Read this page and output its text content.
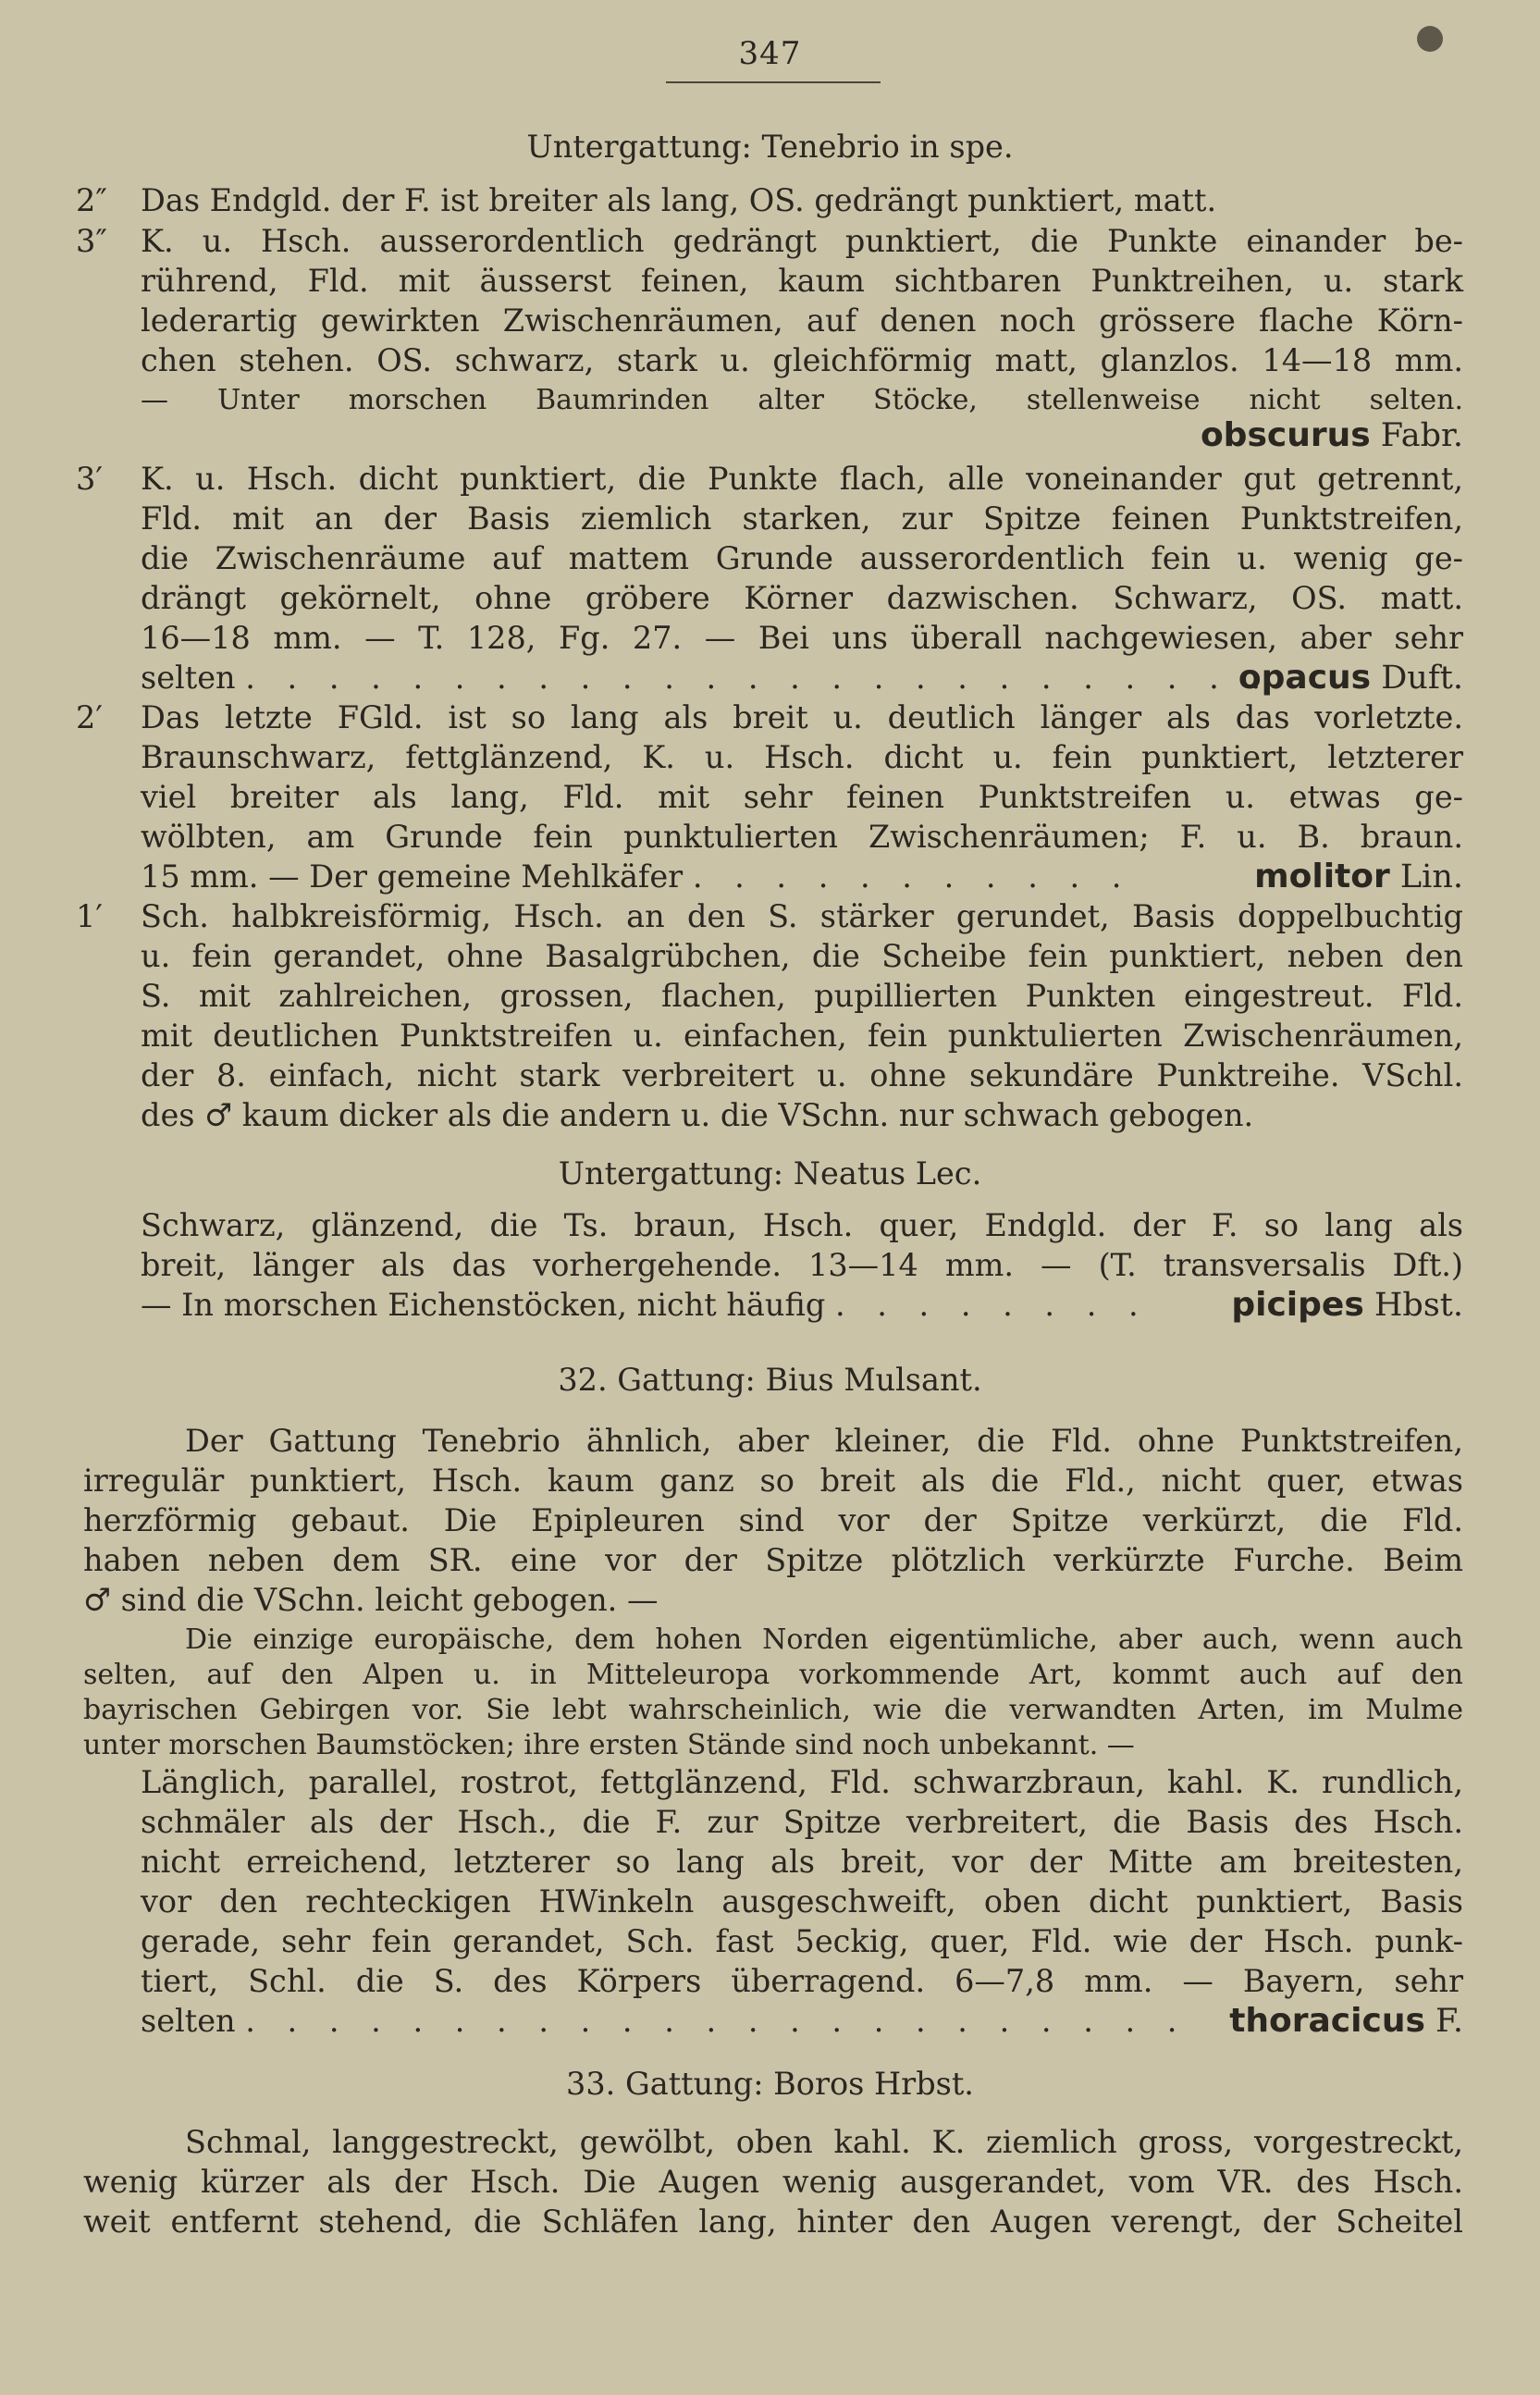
347
Untergattung: Tenebrio in spe.
2″ Das Endgld. der F. ist breiter als lang, OS. gedrängt punktiert, matt.
3″ K. u. Hsch. ausserordentlich gedrängt punktiert, die Punkte einander be-
rührend, Fld. mit äusserst feinen, kaum sichtbaren Punktreihen, u. stark
lederartig gewirkten Zwischenräumen, auf denen noch grössere flache Körn-
chen stehen. OS. schwarz, stark u. gleichförmig matt, glanzlos. 14—18 mm.
— Unter morschen Baumrinden alter Stöcke, stellenweise nicht selten.
obscurus Fabr.
3′ K. u. Hsch. dicht punktiert, die Punkte flach, alle voneinander gut getrennt,
Fld. mit an der Basis ziemlich starken, zur Spitze feinen Punktstreifen,
die Zwischenräume auf mattem Grunde ausserordentlich fein u. wenig ge-
drängt gekörnelt, ohne gröbere Körner dazwischen. Schwarz, OS. matt.
16—18 mm. — T. 128, Fg. 27. — Bei uns überall nachgewiesen, aber sehr
selten . . . . . . . . . . . . . . . . . . . . . . . . .
opacus Duft.
2′ Das letzte FGld. ist so lang als breit u. deutlich länger als das vorletzte.
Braunschwarz, fettglänzend, K. u. Hsch. dicht u. fein punktiert, letzterer
viel breiter als lang, Fld. mit sehr feinen Punktstreifen u. etwas ge-
wölbten, am Grunde fein punktulierten Zwischenräumen; F. u. B. braun.
15 mm. — Der gemeine Mehlkäfer . . . . . . . . . . .	molitor Lin.
1′ Sch. halbkreisförmig, Hsch. an den S. stärker gerundet, Basis doppelbuchtig
u. fein gerandet, ohne Basalgrübchen, die Scheibe fein punktiert, neben den
S. mit zahlreichen, grossen, flachen, pupillierten Punkten eingestreut. Fld.
mit deutlichen Punktstreifen u. einfachen, fein punktulierten Zwischenräumen,
der 8. einfach, nicht stark verbreitert u. ohne sekundäre Punktreihe. VSchl.
des ♂ kaum dicker als die andern u. die VSchn. nur schwach gebogen.
Untergattung: Neatus Lec.
Schwarz, glänzend, die Ts. braun, Hsch. quer, Endgld. der F. so lang als
breit, länger als das vorhergehende. 13—14 mm. — (T. transversalis Dft.)
— In morschen Eichenstöcken, nicht häufig . . . . . . . .	picipes Hbst.
32. Gattung: Bius Mulsant.
Der Gattung Tenebrio ähnlich, aber kleiner, die Fld. ohne Punktstreifen,
irregulär punktiert, Hsch. kaum ganz so breit als die Fld., nicht quer, etwas
herzförmig gebaut. Die Epipleuren sind vor der Spitze verkürzt, die Fld.
haben neben dem SR. eine vor der Spitze plötzlich verkürzte Furche. Beim
♂ sind die VSchn. leicht gebogen. —
Die einzige europäische, dem hohen Norden eigentümliche, aber auch, wenn auch
selten, auf den Alpen u. in Mitteleuropa vorkommende Art, kommt auch auf den
bayrischen Gebirgen vor. Sie lebt wahrscheinlich, wie die verwandten Arten, im Mulme
unter morschen Baumstöcken; ihre ersten Stände sind noch unbekannt. —
Länglich, parallel, rostrot, fettglänzend, Fld. schwarzbraun, kahl. K. rundlich,
schmäler als der Hsch., die F. zur Spitze verbreitert, die Basis des Hsch.
nicht erreichend, letzterer so lang als breit, vor der Mitte am breitesten,
vor den rechteckigen HWinkeln ausgeschweift, oben dicht punktiert, Basis
gerade, sehr fein gerandet, Sch. fast 5eckig, quer, Fld. wie der Hsch. punk-
tiert, Schl. die S. des Körpers überragend. 6—7,8 mm. — Bayern, sehr
selten . . . . . . . . . . . . . . . . . . . . . . .	thoracicus F.
33. Gattung: Boros Hrbst.
Schmal, langgestreckt, gewölbt, oben kahl. K. ziemlich gross, vorgestreckt,
wenig kürzer als der Hsch. Die Augen wenig ausgerandet, vom VR. des Hsch.
weit entfernt stehend, die Schläfen lang, hinter den Augen verengt, der Scheitel
